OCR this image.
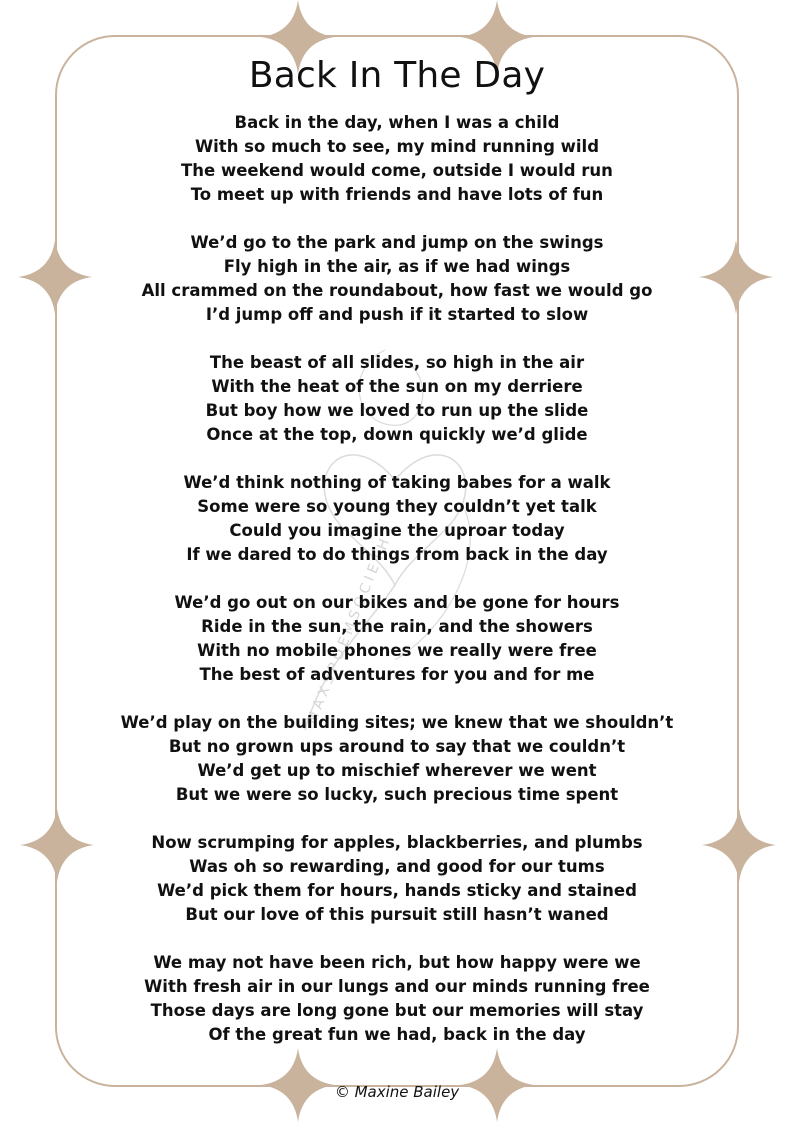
MAXSPOEMSOCIETH
Back In The Day
Back in the day, when I was a child
With so much to see, my mind running wild
The weekend would come, outside I would run
To meet up with friends and have lots of fun
We’d go to the park and jump on the swings
Fly high in the air, as if we had wings
All crammed on the roundabout, how fast we would go
I’d jump off and push if it started to slow
The beast of all slides, so high in the air
With the heat of the sun on my derriere
But boy how we loved to run up the slide
Once at the top, down quickly we’d glide
We’d think nothing of taking babes for a walk
Some were so young they couldn’t yet talk
Could you imagine the uproar today
If we dared to do things from back in the day
We’d go out on our bikes and be gone for hours
Ride in the sun, the rain, and the showers
With no mobile phones we really were free
The best of adventures for you and for me
We’d play on the building sites; we knew that we shouldn’t
But no grown ups around to say that we couldn’t
We’d get up to mischief wherever we went
But we were so lucky, such precious time spent
Now scrumping for apples, blackberries, and plumbs
Was oh so rewarding, and good for our tums
We’d pick them for hours, hands sticky and stained
But our love of this pursuit still hasn’t waned
We may not have been rich, but how happy were we
With fresh air in our lungs and our minds running free
Those days are long gone but our memories will stay
Of the great fun we had, back in the day
© Maxine Bailey
